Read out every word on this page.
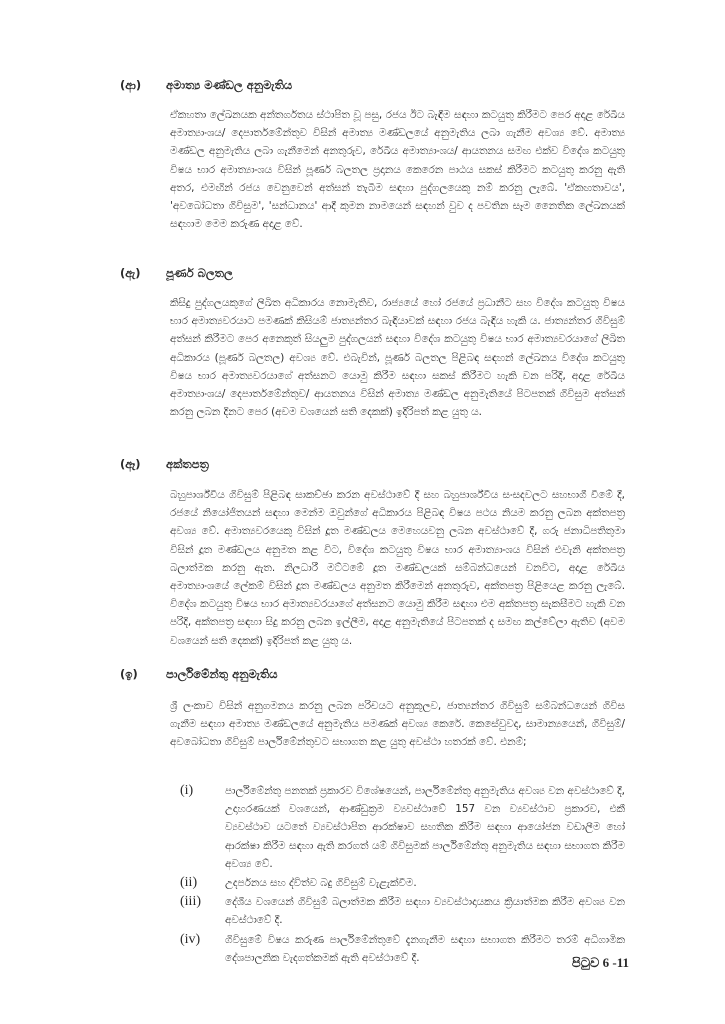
(ආ)	අමාත්‍ය මණ්ඩල අනුමැතිය
ඒකහතා ලේඛනයක අන්තර්ගතය ස්ථාපිත වූ පසු, රජය ඊට බැඳීම සඳහා කටයුතු කිරීමට පෙර අදාළ රේඛීය අමාත්‍යාංශය/ දෙපාර්තමේන්තුව විසින් අමාත්‍ය මණ්ඩලයේ අනුමැතිය ලබා ගැනීම අවශ්‍ය වේ. අමාත්‍ය මණ්ඩල අනුමැතිය ලබා ගැනීමෙන් අනතුරුව, රේඛීය අමාත්‍යාංශය/ ආයතනය සමඟ එක්ව විදේශ කටයුතු විෂය භාර අමාත්‍යාංශය විසින් පූර්ණ බලතල ප්‍රදානය කෙරෙන පාඨය සකස් කිරීමට කටයුතු කරනු ඇති අතර, එමඟින් රජය වෙනුවෙන් අත්සන් තැබීම සඳහා පුද්ගලයෙකු නම් කරනු ලැබේ. 'ඒකඟතාවය', 'අවබෝධතා ගිවිසුම', 'සන්ධානය' ආදී කුමන නාමයෙන් සඳහන් වුව ද පවතින සෑම නෛතික ලේඛනයක් සඳහාම මෙම කරුණ අදාළ වේ.
(ඇ)	පූර්ණ බලතල
කිසිදු පුද්ගලයකුගේ ලිඛිත අධිකාරය නොමැතිව, රාජ්‍යයේ හෝ රජයේ ප්‍රධානීට සහ විදේශ කටයුතු විෂය භාර අමාත්‍යවරයාට පමණක් කිසියම් ජාත්‍යන්තර බැඳියාවක් සඳහා රජය බැඳිය හැකි ය. ජාත්‍යන්තර ගිවිසුම් අත්සන් කිරීමට පෙර අනෙකුත් සියලුම පුද්ගලයන් සඳහා විදේශ කටයුතු විෂය භාර අමාත්‍යවරයාගේ ලිඛිත අධිකාරය (පූර්ණ බලතල) අවශ්‍ය වේ. එබැවින්, පූර්ණ බලතල පිළිබඳ සඳහන් ලේඛනය විදේශ කටයුතු විෂය භාර අමාත්‍යවරයාගේ අත්සනට යොමු කිරීම සඳහා සකස් කිරීමට හැකි වන පරිදි, අදාළ රේඛීය අමාත්‍යාංශය/ දෙපාර්තමේන්තුව/ ආයතනය විසින් අමාත්‍ය මණ්ඩල අනුමැතියේ පිටපතක් ගිවිසුම අත්සන් කරනු ලබන දිනට පෙර (අවම වශයෙන් සති දෙකක්) ඉදිරිපත් කළ යුතු ය.
(ඈ)	අක්තපත්‍ර
බහුපාර්ශ්වීය ගිවිසුම් පිළිබඳ සාකච්ඡා කරන අවස්ථාවේ දී සහ බහුපාර්ශ්වීය සංසදවලට සහභාගී වීමේ දී, රජයේ නියෝජිතයන් සඳහා මෙන්ම ඔවුන්ගේ අධිකාරය පිළිබඳ විෂය පථය නියම කරනු ලබන අක්තපත්‍ර අවශ්‍ය වේ. අමාත්‍යවරයෙකු විසින් දූත මණ්ඩලය මෙහෙයවනු ලබන අවස්ථාවේ දී, ගරු ජනාධිපතිතුමා විසින් දූත මණ්ඩලය අනුමත කළ විට, විදේශ කටයුතු විෂය භාර අමාත්‍යාංශය විසින් එවැනි අක්තපත්‍ර බලාත්මක කරනු ඇත. නිලධාරී මට්ටමේ දූත මණ්ඩලයක් සම්බන්ධයෙන් වනවිට, අදාළ රේඛීය අමාත්‍යාංශයේ ලේකම් විසින් දූත මණ්ඩලය අනුමත කිරීමෙන් අනතුරුව, අක්තපත්‍ර පිළියෙළ කරනු ලැබේ. විදේශ කටයුතු විෂය භාර අමාත්‍යවරයාගේ අත්සනට යොමු කිරීම සඳහා එම අක්තපත්‍ර සැකසීමට හැකි වන පරිදි, අක්තපත්‍ර සඳහා සිදු කරනු ලබන ඉල්ලීම, අදාළ අනුමැතියේ පිටපතක් ද සමඟ කල්වේලා ඇතිව (අවම වශයෙන් සති දෙකක්) ඉදිරිපත් කළ යුතු ය.
(ඉ)	පාර්ලිමේන්තු අනුමැතිය
ශ්‍රී ලංකාව විසින් අනුගමනය කරනු ලබන පරිචයට අනුකූලව, ජාත්‍යන්තර ගිවිසුම් සම්බන්ධයෙන් ගිවිස ගැනීම සඳහා අමාත්‍ය මණ්ඩලයේ අනුමැතිය පමණක් අවශ්‍ය කෙරේ. කෙසේවුවද, සාමාන්‍යයෙන්, ගිවිසුම්/ අවබෝධතා ගිවිසුම් පාර්ලිමේන්තුවට සභාගත කළ යුතු අවස්ථා හතරක් වේ. එනම්;
(i)	පාර්ලිමේන්තු පනතක් ප්‍රකාරව විශේෂයෙන්, පාර්ලිමේන්තු අනුමැතිය අවශ්‍ය වන අවස්ථාවේ දී, උදාහරණයක් වශයෙන්, ආණ්ඩුක්‍රම ව්‍යවස්ථාවේ 157 වන ව්‍යවස්ථාව ප්‍රකාරව, එකී ව්‍යවස්ථාව යටතේ ව්‍යවස්ථාපිත ආරක්ෂාව සහතික කිරීම සඳහා ආයෝජන වඩාලීම හෝ ආරක්ෂා කිරීම සඳහා ඇති කරගත් යම් ගිවිසුමක් පාර්ලිමේන්තු අනුමැතිය සඳහා සභාගත කිරීම අවශ්‍ය වේ.
(ii)	උදර්පනය සහ ද්විත්ව බදු ගිවිසුම් වැළැක්වීම.
(iii)	දේශීය වශයෙන් ගිවිසුම් බලාත්මක කිරීම සඳහා ව්‍යවස්ථාදායකය ක්‍රියාත්මක කිරීම අවශ්‍ය වන අවස්ථාවේ දී.
(iv)	ගිවිසුමේ විෂය කරුණ පාර්ලිමේන්තුවේ දැනගැනීම සඳහා සභාගත කිරීමට තරම් අධිගාමික දේශපාලනික වැදගත්කමක් ඇති අවස්ථාවේ දී.	පිටුව 6 -11
